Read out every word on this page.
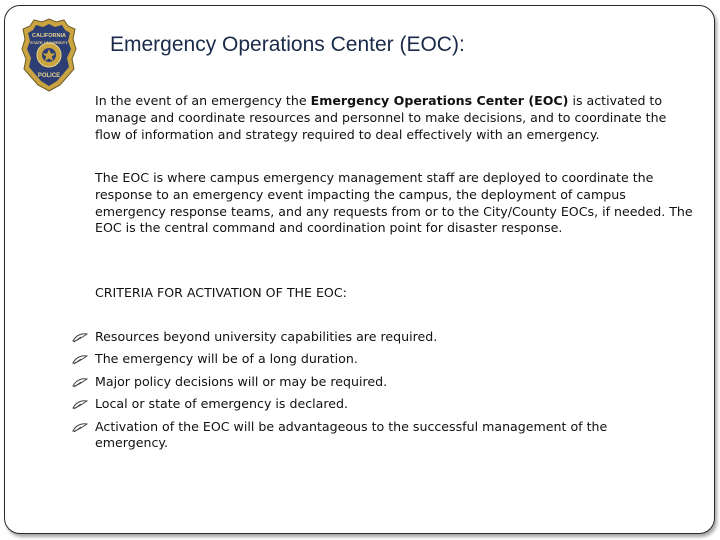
CALIFORNIA
STATE UNIVERSITY
POLICE
Emergency Operations Center (EOC):

In the event of an emergency the Emergency Operations Center (EOC) is activated to manage and coordinate resources and personnel to make decisions, and to coordinate the flow of information and strategy required to deal effectively with an emergency.

The EOC is where campus emergency management staff are deployed to coordinate the response to an emergency event impacting the campus, the deployment of campus emergency response teams, and any requests from or to the City/County EOCs, if needed. The EOC is the central command and coordination point for disaster response.

CRITERIA FOR ACTIVATION OF THE EOC:
Resources beyond university capabilities are required.
The emergency will be of a long duration.
Major policy decisions will or may be required.
Local or state of emergency is declared.
Activation of the EOC will be advantageous to the successful management of the emergency.
